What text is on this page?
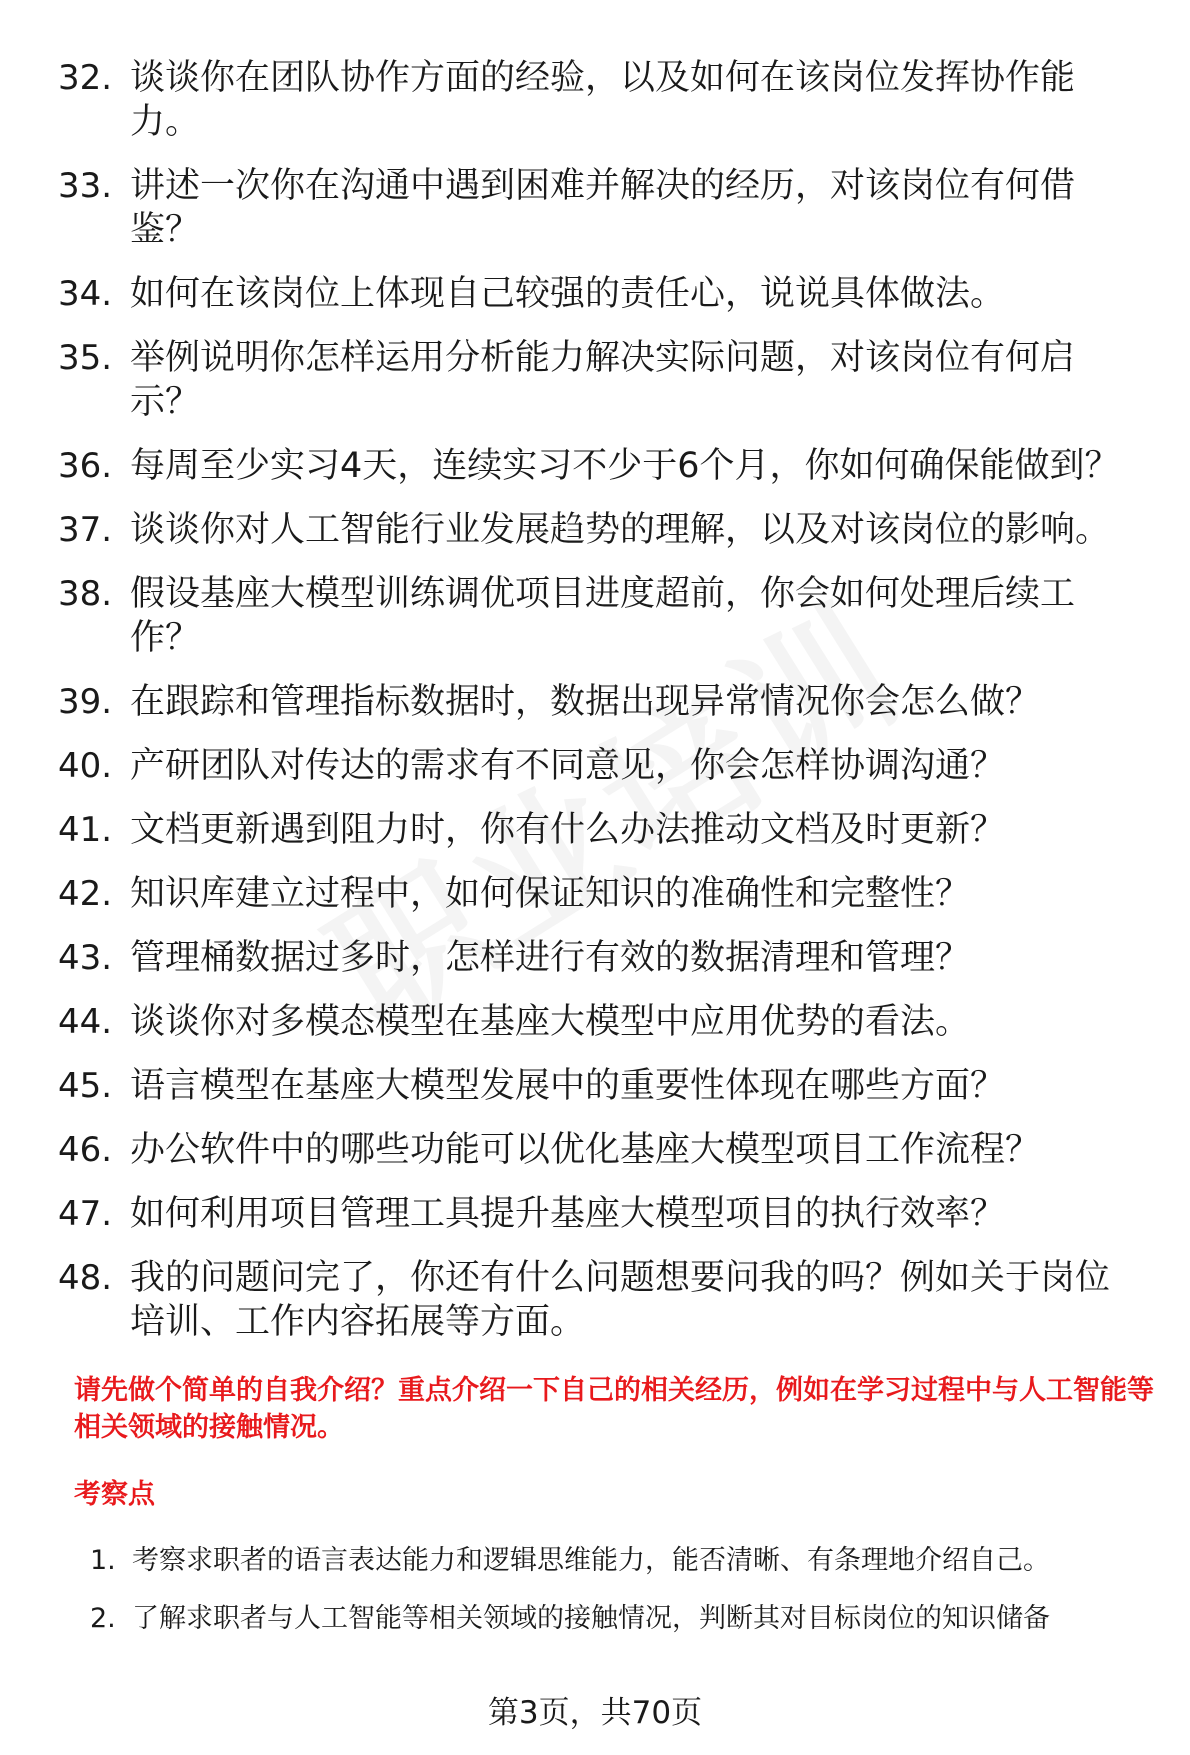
32. 谈谈你在团队协作方面的经验，以及如何在该岗位发挥协作能力。
33. 讲述一次你在沟通中遇到困难并解决的经历，对该岗位有何借鉴？
34. 如何在该岗位上体现自己较强的责任心，说说具体做法。
35. 举例说明你怎样运用分析能力解决实际问题，对该岗位有何启示？
36. 每周至少实习4天，连续实习不少于6个月，你如何确保能做到？
37. 谈谈你对人工智能行业发展趋势的理解，以及对该岗位的影响。
38. 假设基座大模型训练调优项目进度超前，你会如何处理后续工作？
39. 在跟踪和管理指标数据时，数据出现异常情况你会怎么做？
40. 产研团队对传达的需求有不同意见，你会怎样协调沟通？
41. 文档更新遇到阻力时，你有什么办法推动文档及时更新？
42. 知识库建立过程中，如何保证知识的准确性和完整性？
43. 管理桶数据过多时，怎样进行有效的数据清理和管理？
44. 谈谈你对多模态模型在基座大模型中应用优势的看法。
45. 语言模型在基座大模型发展中的重要性体现在哪些方面？
46. 办公软件中的哪些功能可以优化基座大模型项目工作流程？
47. 如何利用项目管理工具提升基座大模型项目的执行效率？
48. 我的问题问完了，你还有什么问题想要问我的吗？例如关于岗位培训、工作内容拓展等方面。

请先做个简单的自我介绍？重点介绍一下自己的相关经历，例如在学习过程中与人工智能等相关领域的接触情况。

考察点
1. 考察求职者的语言表达能力和逻辑思维能力，能否清晰、有条理地介绍自己。
2. 了解求职者与人工智能等相关领域的接触情况，判断其对目标岗位的知识储备
第3页，共70页
